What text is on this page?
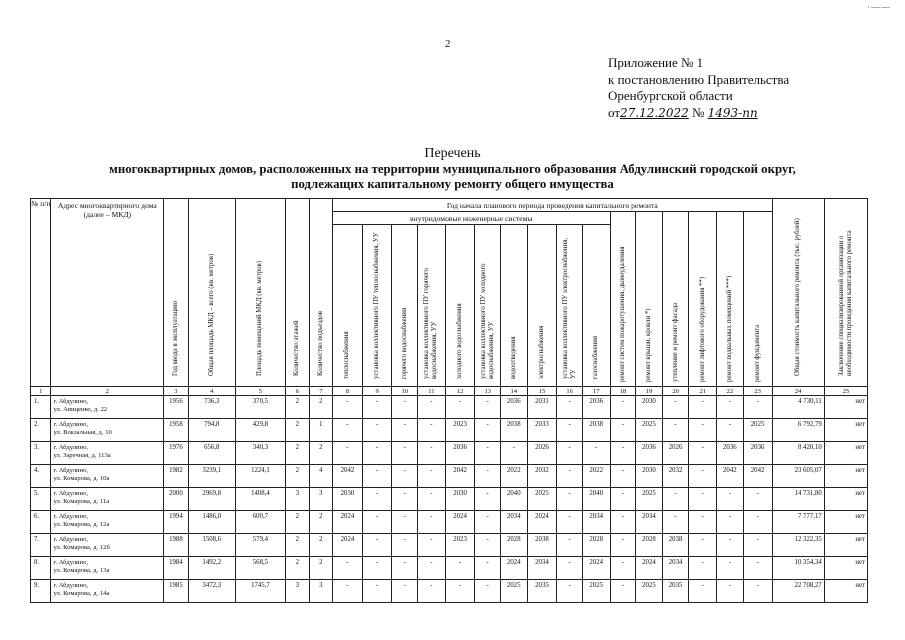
·——
2
Приложение № 1
к постановлению Правительства
Оренбургской области
от27.12.2022 № 1493-пп
Перечень
многоквартирных домов, расположенных на территории муниципального образования Абдулинский городской округ,
подлежащих капитальному ремонту общего имущества
№ п/п	Адрес многоквартирного дома (далее – МКД)	Год ввода в эксплуатацию	Общая площадь МКД – всего (кв. метров)	Площадь помещений МКД (кв. метров)	Количество этажей	Количество подъездов	Год начала планового периода проведения капитального ремонта																Общая стоимость капитального ремонта (тыс. рублей)	Заключение специализированной организации о необходимости проведения капитального ремонта
							внутридомовые инженерные системы										ремонт систем пожаротушения, дымоудаления	ремонт крыши, кровли *)	утепление и ремонт фасада	ремонт лифтового оборудования **)	ремонт подвальных помещений ***)	ремонт фундамента		
							теплоснабжения	установка коллективного ПУ теплоснабжения, УУ	горячего водоснабжения	установка коллективного ПУ горячего водоснабжения, УУ	холодного водоснабжения	установка коллективного ПУ холодного водоснабжения, УУ	водоотведения	электроснабжения	установка коллективного ПУ электроснабжения, УУ	газоснабжения								
1	2	3	4	5	6	7	8	9	10	11	12	13	14	15	16	17	18	19	20	21	22	23	24	25
1.	г. Абдулино,
ул. Авиценко, д. 22	1956	736,3	370,5	2	2	-	-	-	-	-	-	2036	2031	-	2036	-	2030	-	-	-	-	4 730,11	нет
2.	г. Абдулино,
ул. Вокзальная, д. 10	1958	794,8	429,8	2	1	-	-	-	-	2023	-	2038	2033	-	2038	-	2025	-	-	-	2025	6 792,79	нет
3.	г. Абдулино,
ул. Заречная, д. 113а	1976	656,8	340,3	2	2	-	-	-	-	2036	-	-	2026	-	-	-	2036	2026	-	2036	2036	8 420,10	нет
4.	г. Абдулино,
ул. Комарова, д. 10а	1982	3239,1	1224,1	2	4	2042	-	-	-	2042	-	2022	2032	-	2022	-	2030	2032	-	2042	2042	23 605,07	нет
5.	г. Абдулино,
ул. Комарова, д. 11а	2000	2969,8	1408,4	3	3	2030	-	-	-	2030	-	2040	2025	-	2040	-	2025	-	-	-	-	14 731,80	нет
6.	г. Абдулино,
ул. Комарова, д. 12а	1994	1486,0	600,7	2	2	2024	-	-	-	2024	-	2034	2024	-	2034	-	2034	-	-	-	-	7 777,17	нет
7.	г. Абдулино,
ул. Комарова, д. 12б	1988	1508,6	579,4	2	2	2024	-	-	-	2023	-	2028	2038	-	2028	-	2028	2038	-	-	-	12 322,35	нет
8.	г. Абдулино,
ул. Комарова, д. 13а	1984	1492,2	568,5	2	2	-	-	-	-	-	-	2024	2034	-	2024	-	2024	2034	-	-	-	10 354,34	нет
9.	г. Абдулино,
ул. Комарова, д. 14а	1985	3472,3	1745,7	3	3	-	-	-	-	-	-	2025	2035	-	2025	-	2025	2035	-	-	-	22 708,27	нет
